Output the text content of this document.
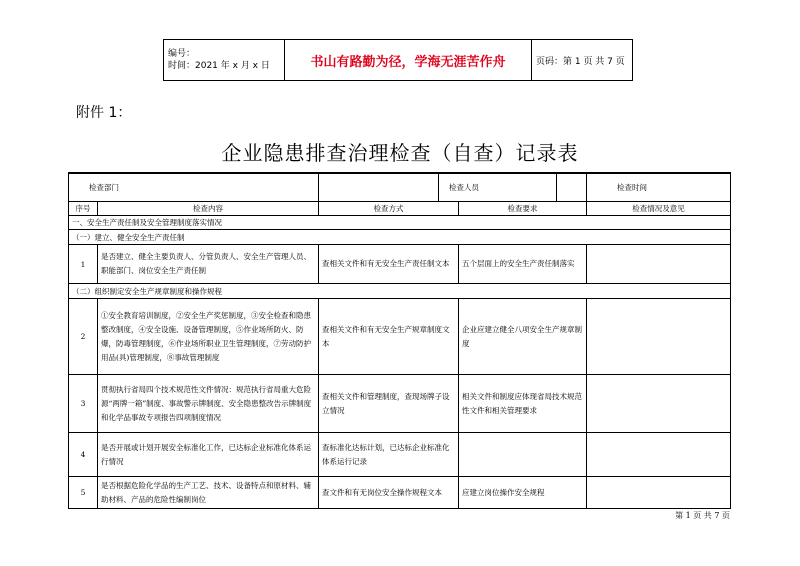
编号：
时间：2021 年 x 月 x 日	书山有路勤为径，学海无涯苦作舟	页码：第 1 页 共 7 页
附件 1：
企业隐患排查治理检查（自查）记录表
检查部门			检查人员			检查时间
序号	检查内容	检查方式		检查要求		检查情况及意见
一、安全生产责任制及安全管理制度落实情况						
（一）建立、健全安全生产责任制						
1	是否建立、健全主要负责人、分管负责人、安全生产管理人员、职能部门、岗位安全生产责任制	查相关文件和有无安全生产责任制文本		五个层面上的安全生产责任制落实		
（二）组织制定安全生产规章制度和操作规程						
2	①安全教育培训制度，②安全生产奖惩制度，③安全检查和隐患整改制度，④安全设施、设备管理制度，⑤作业场所防火、防爆，防毒管理制度，⑥作业场所职业卫生管理制度，⑦劳动防护用品(具)管理制度，⑧事故管理制度	查相关文件和有无安全生产规章制度文本		企业应建立健全八项安全生产规章制度		
3	贯彻执行省局四个技术规范性文件情况：规范执行省局重大危险源“两牌一箱”制度、事故警示牌制度、安全隐患整改告示牌制度和化学品事故专项报告四项制度情况	查相关文件和管理制度，查现场牌子设立情况		相关文件和制度应体现省局技术规范性文件和相关管理要求		
4	是否开展或计划开展安全标准化工作，已达标企业标准化体系运行情况	查标准化达标计划，已达标企业标准化体系运行记录				
5	是否根据危险化学品的生产工艺、技术、设备特点和原材料、辅助材料、产品的危险性编制岗位	查文件和有无岗位安全操作规程文本		应建立岗位操作安全规程		
第 1 页 共 7 页
